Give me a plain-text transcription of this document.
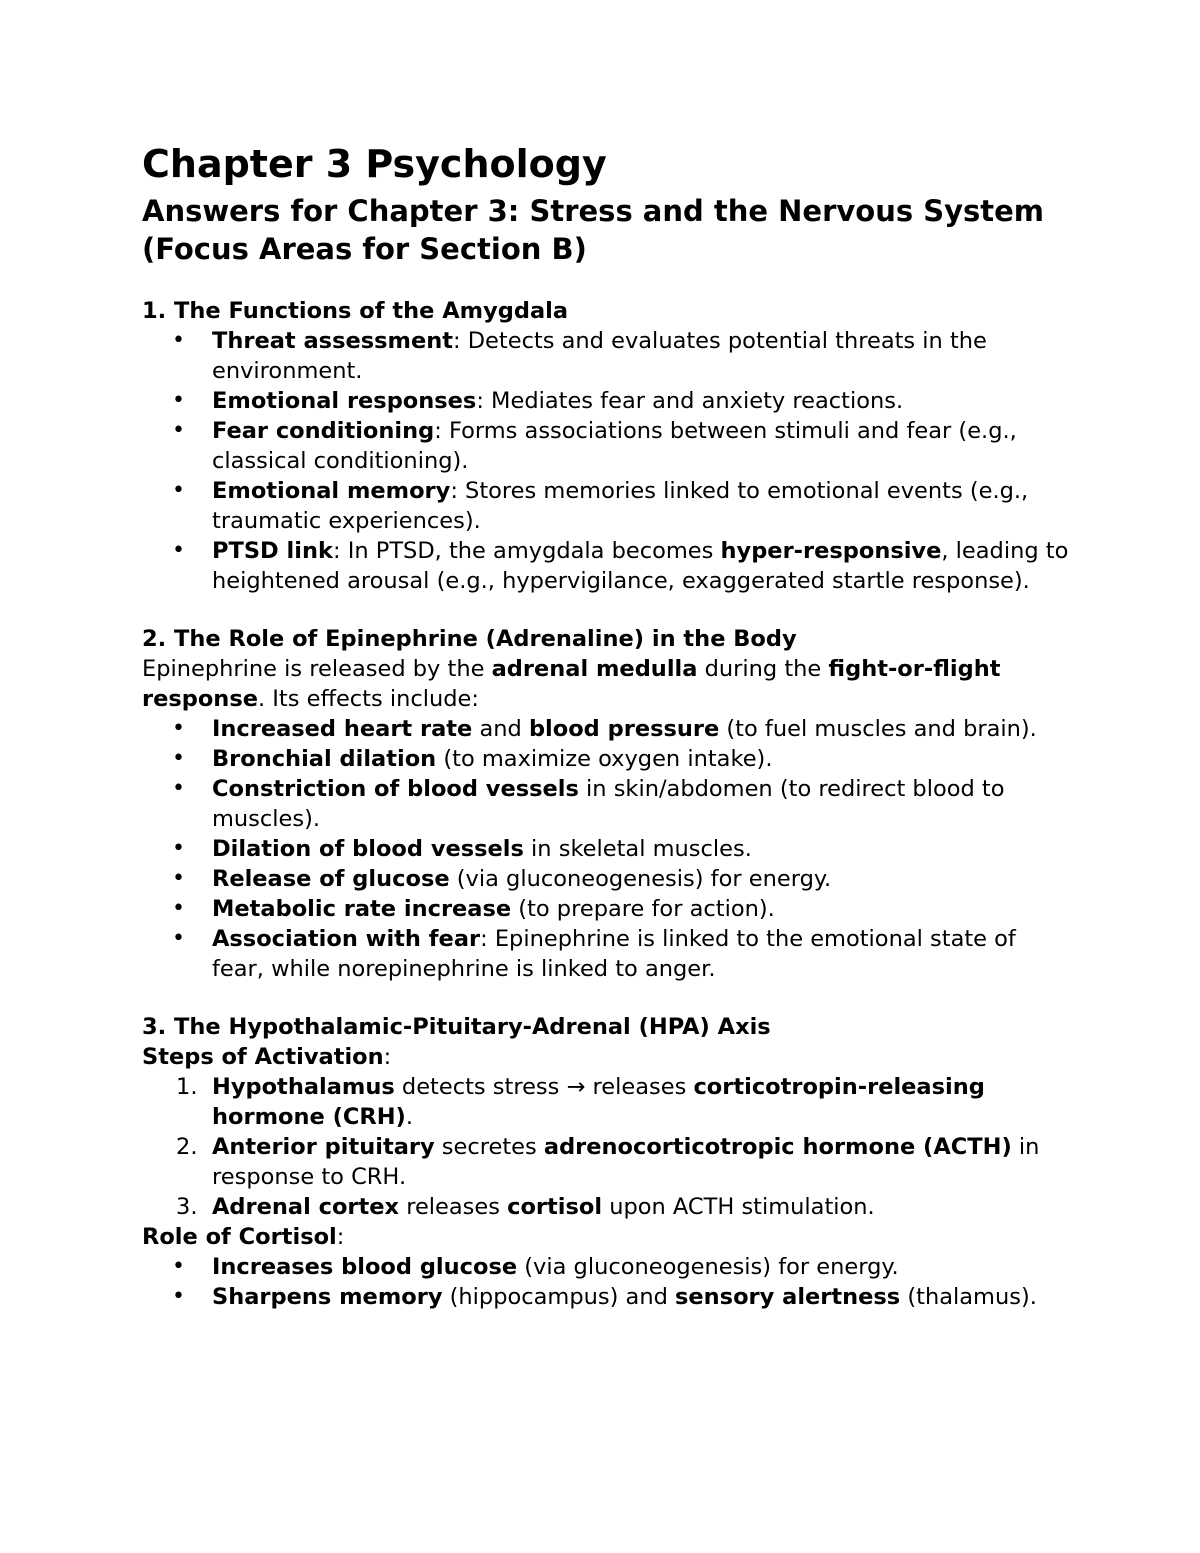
Chapter 3 Psychology
Answers for Chapter 3: Stress and the Nervous System (Focus Areas for Section B)

1. The Functions of the Amygdala

• Threat assessment: Detects and evaluates potential threats in the environment.
• Emotional responses: Mediates fear and anxiety reactions.
• Fear conditioning: Forms associations between stimuli and fear (e.g., classical conditioning).
• Emotional memory: Stores memories linked to emotional events (e.g., traumatic experiences).
• PTSD link: In PTSD, the amygdala becomes hyper-responsive, leading to heightened arousal (e.g., hypervigilance, exaggerated startle response).

2. The Role of Epinephrine (Adrenaline) in the Body

Epinephrine is released by the adrenal medulla during the fight-or-flight response. Its effects include:

• Increased heart rate and blood pressure (to fuel muscles and brain).
• Bronchial dilation (to maximize oxygen intake).
• Constriction of blood vessels in skin/abdomen (to redirect blood to muscles).
• Dilation of blood vessels in skeletal muscles.
• Release of glucose (via gluconeogenesis) for energy.
• Metabolic rate increase (to prepare for action).
• Association with fear: Epinephrine is linked to the emotional state of fear, while norepinephrine is linked to anger.

3. The Hypothalamic-Pituitary-Adrenal (HPA) Axis

Steps of Activation:

1. Hypothalamus detects stress → releases corticotropin-releasing hormone (CRH).
2. Anterior pituitary secretes adrenocorticotropic hormone (ACTH) in response to CRH.
3. Adrenal cortex releases cortisol upon ACTH stimulation.

Role of Cortisol:

• Increases blood glucose (via gluconeogenesis) for energy.
• Sharpens memory (hippocampus) and sensory alertness (thalamus).
